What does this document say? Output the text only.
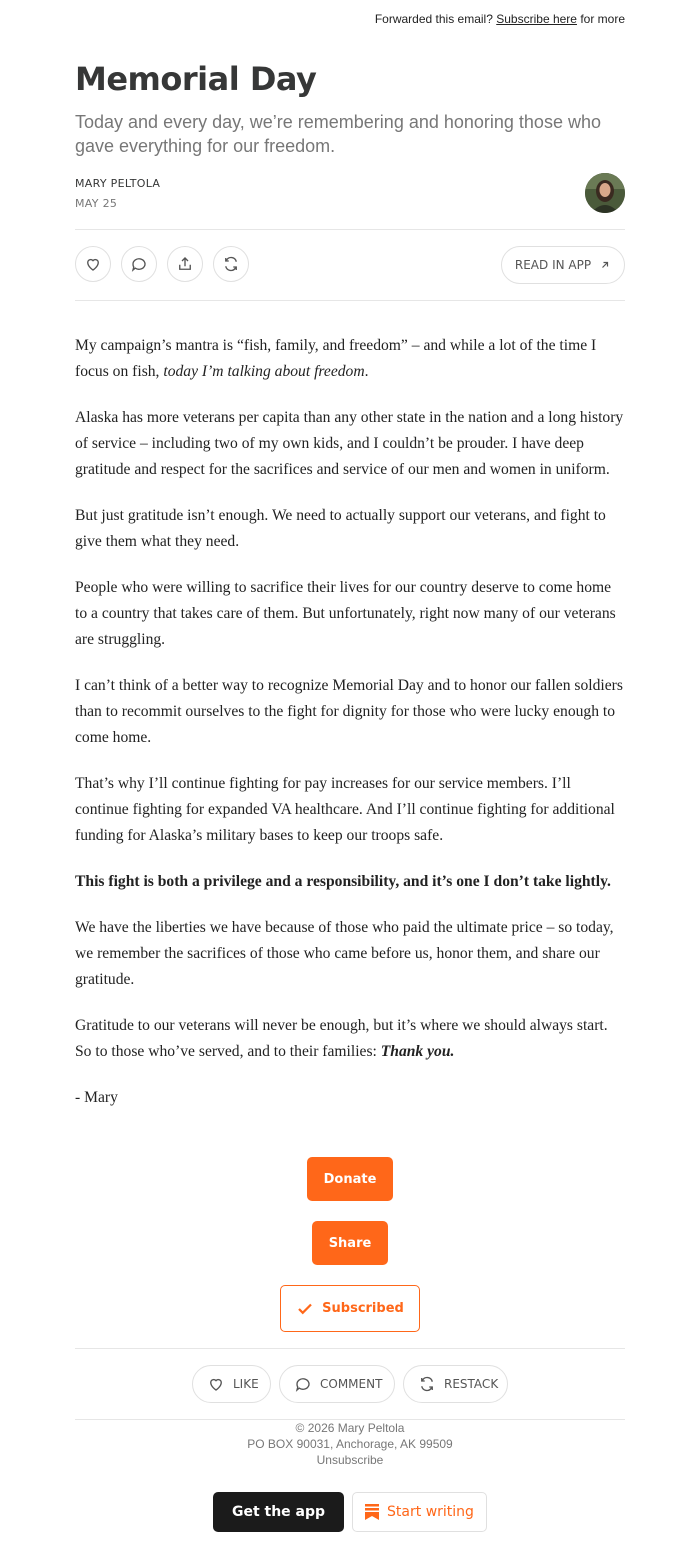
Forwarded this email? Subscribe here for more
Memorial Day

Today and every day, we’re remembering and honoring those who gave everything for our freedom.

MARY PELTOLA
MAY 25
READ IN APP

My campaign’s mantra is “fish, family, and freedom” – and while a lot of the time I focus on fish, today I’m talking about freedom.

Alaska has more veterans per capita than any other state in the nation and a long history of service – including two of my own kids, and I couldn’t be prouder. I have deep gratitude and respect for the sacrifices and service of our men and women in uniform.

But just gratitude isn’t enough. We need to actually support our veterans, and fight to give them what they need.

People who were willing to sacrifice their lives for our country deserve to come home to a country that takes care of them. But unfortunately, right now many of our veterans are struggling.

I can’t think of a better way to recognize Memorial Day and to honor our fallen soldiers than to recommit ourselves to the fight for dignity for those who were lucky enough to come home.

That’s why I’ll continue fighting for pay increases for our service members. I’ll continue fighting for expanded VA healthcare. And I’ll continue fighting for additional funding for Alaska’s military bases to keep our troops safe.

This fight is both a privilege and a responsibility, and it’s one I don’t take lightly.

We have the liberties we have because of those who paid the ultimate price – so today, we remember the sacrifices of those who came before us, honor them, and share our gratitude.

Gratitude to our veterans will never be enough, but it’s where we should always start. So to those who’ve served, and to their families: Thank you.

- Mary

Donate
Share
Subscribed
LIKE	COMMENT	RESTACK
© 2026 Mary Peltola
PO BOX 90031, Anchorage, AK 99509
Unsubscribe
Get the app	Start writing
